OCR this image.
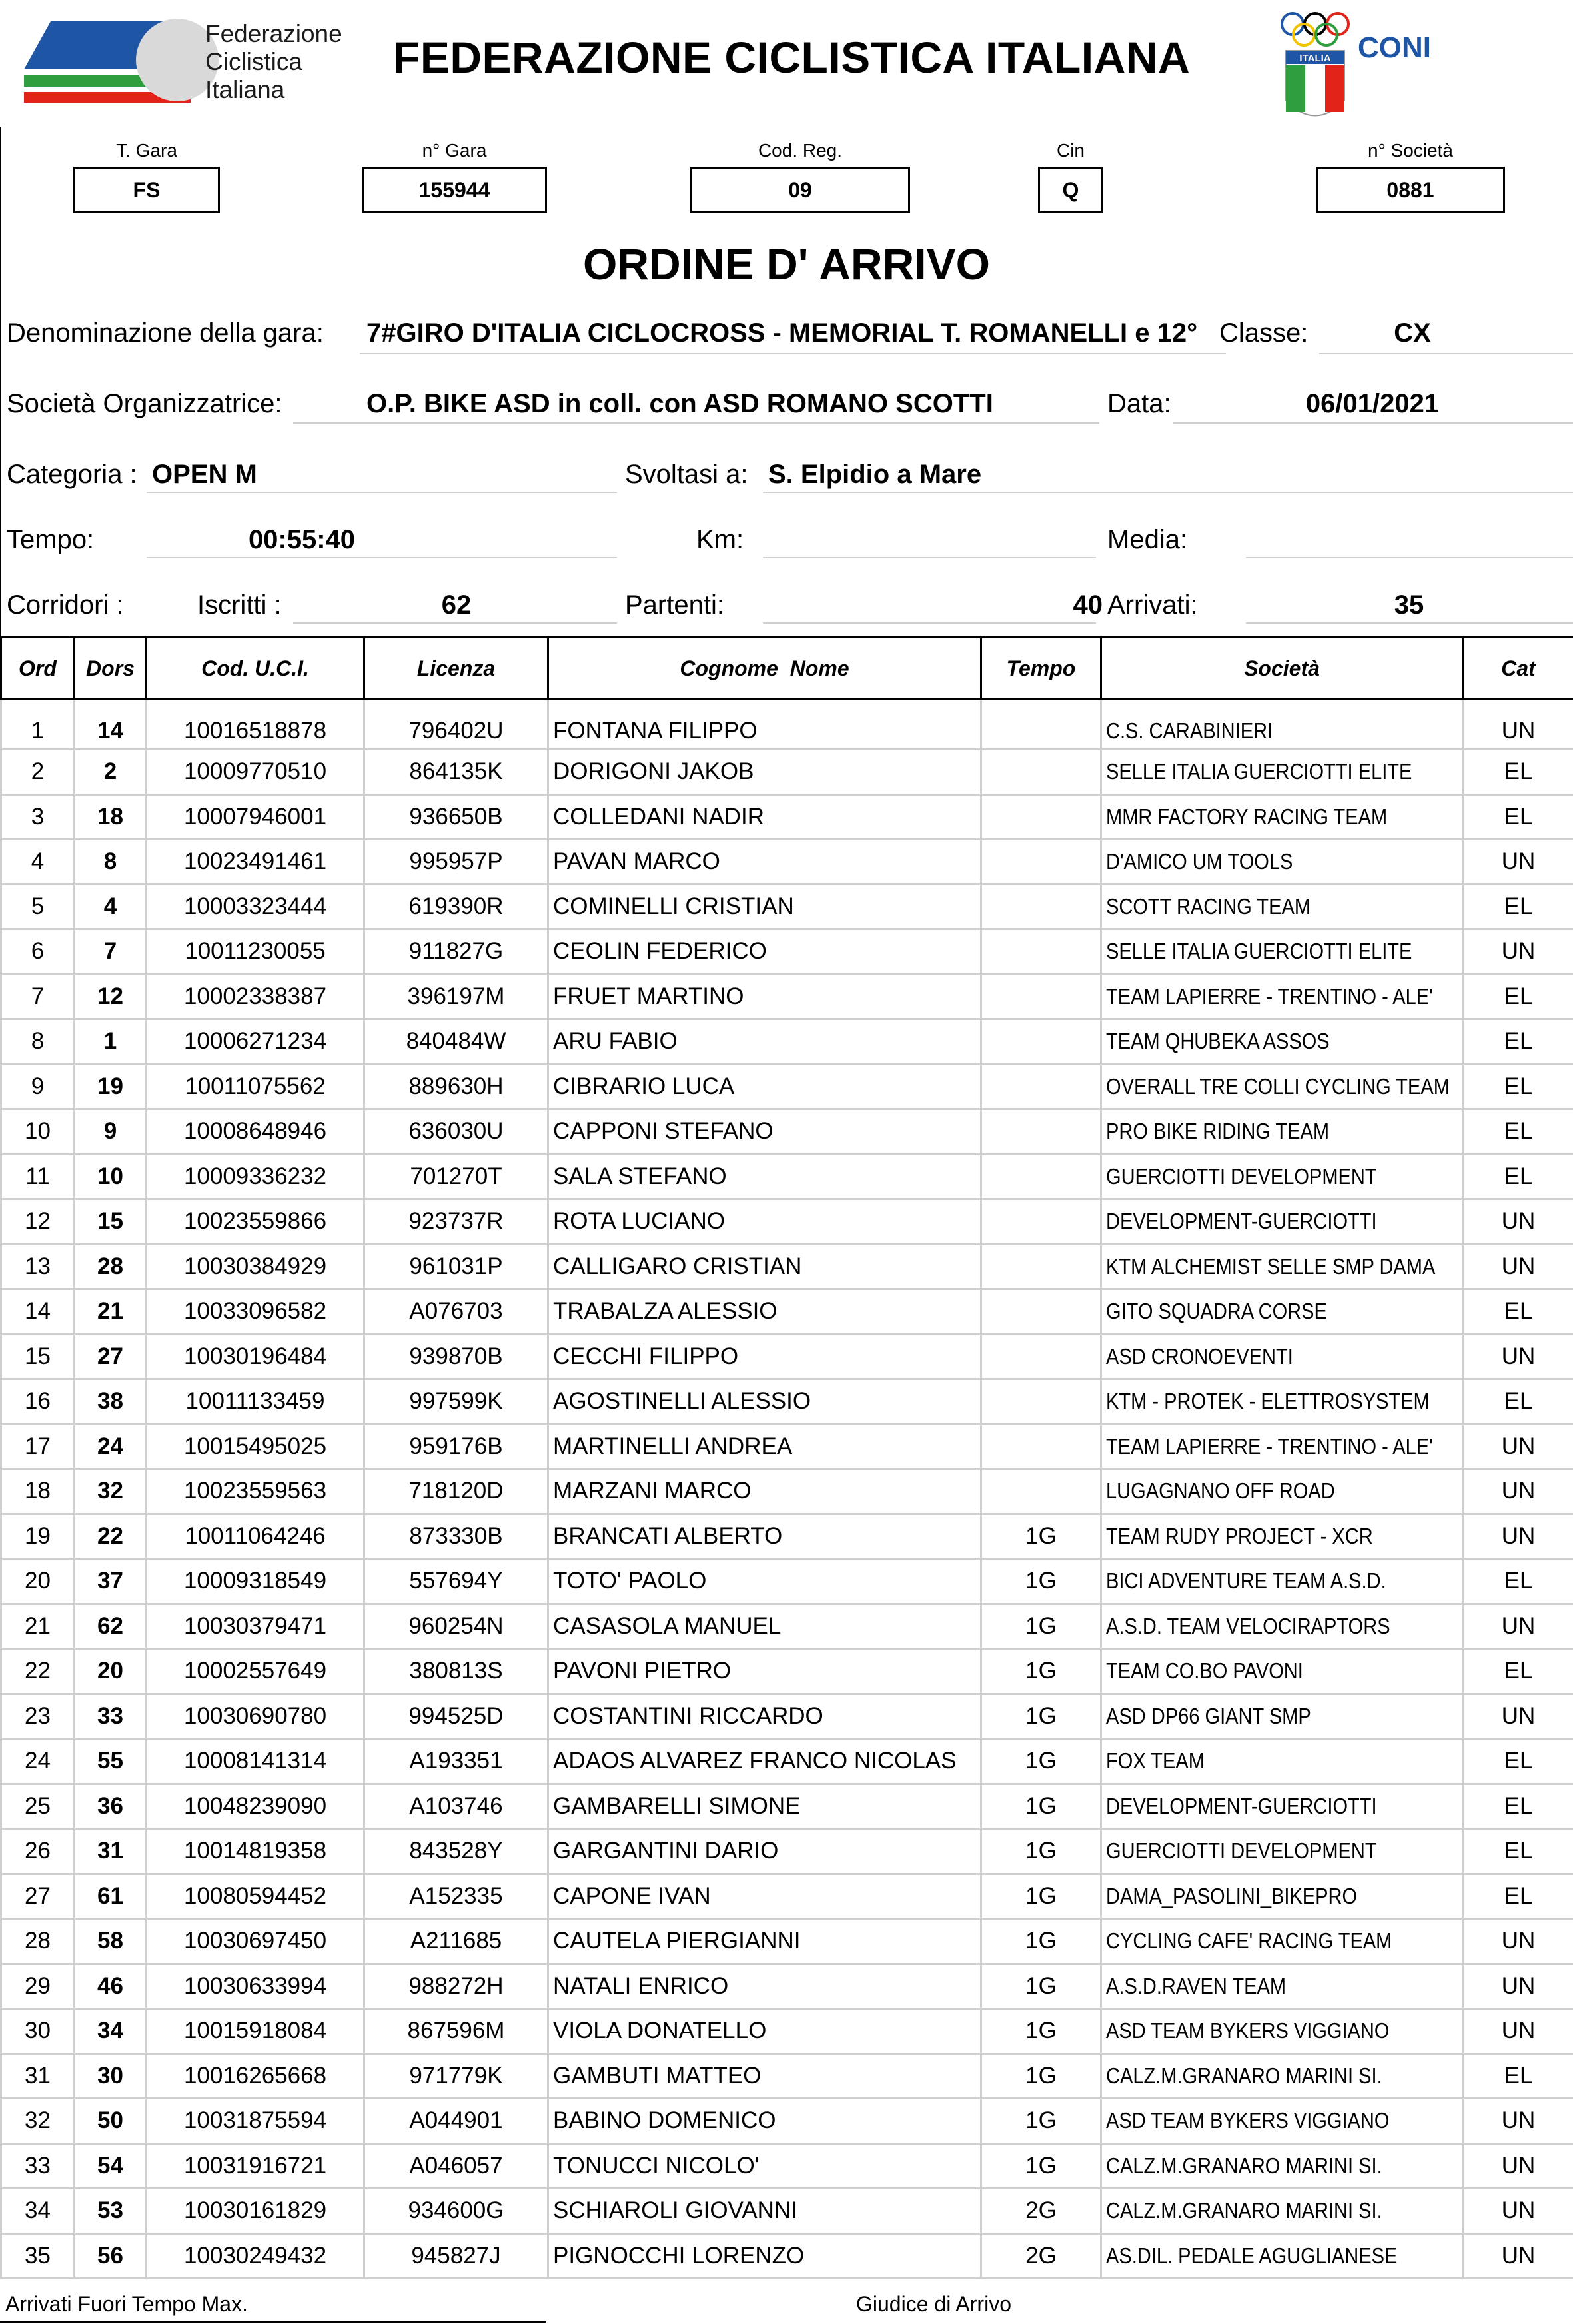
Federazione
Ciclistica
Italiana
FEDERAZIONE CICLISTICA ITALIANA	ITALIA CONI
T. Gara
FS
n° Gara
155944
Cod. Reg.
09
Cin
Q
n° Società
0881
ORDINE D' ARRIVO
Denominazione della gara: 7#GIRO D'ITALIA CICLOCROSS - MEMORIAL T. ROMANELLI e 12° Classe:	CX
Società Organizzatrice:	O.P. BIKE ASD in coll. con ASD ROMANO SCOTTI	Data:	06/01/2021
Categoria : OPEN M	Svoltasi a: S. Elpidio a Mare
Tempo:	00:55:40	Km:	Media:
Corridori :	Iscritti :	62	Partenti:	40 Arrivati:	35
Ord	Dors	Cod. U.C.I.	Licenza	Cognome  Nome	Tempo	Società	Cat
1	14	10016518878	796402U	FONTANA FILIPPO		C.S. CARABINIERI	UN
2	2	10009770510	864135K	DORIGONI JAKOB		SELLE ITALIA GUERCIOTTI ELITE	EL
3	18	10007946001	936650B	COLLEDANI NADIR		MMR FACTORY RACING TEAM	EL
4	8	10023491461	995957P	PAVAN MARCO		D'AMICO UM TOOLS	UN
5	4	10003323444	619390R	COMINELLI CRISTIAN		SCOTT RACING TEAM	EL
6	7	10011230055	911827G	CEOLIN FEDERICO		SELLE ITALIA GUERCIOTTI ELITE	UN
7	12	10002338387	396197M	FRUET MARTINO		TEAM LAPIERRE - TRENTINO - ALE'	EL
8	1	10006271234	840484W	ARU FABIO		TEAM QHUBEKA ASSOS	EL
9	19	10011075562	889630H	CIBRARIO LUCA		OVERALL TRE COLLI CYCLING TEAM	EL
10	9	10008648946	636030U	CAPPONI STEFANO		PRO BIKE RIDING TEAM	EL
11	10	10009336232	701270T	SALA STEFANO		GUERCIOTTI DEVELOPMENT	EL
12	15	10023559866	923737R	ROTA LUCIANO		DEVELOPMENT-GUERCIOTTI	UN
13	28	10030384929	961031P	CALLIGARO CRISTIAN		KTM ALCHEMIST SELLE SMP DAMA	UN
14	21	10033096582	A076703	TRABALZA ALESSIO		GITO SQUADRA CORSE	EL
15	27	10030196484	939870B	CECCHI FILIPPO		ASD CRONOEVENTI	UN
16	38	10011133459	997599K	AGOSTINELLI ALESSIO		KTM - PROTEK - ELETTROSYSTEM	EL
17	24	10015495025	959176B	MARTINELLI ANDREA		TEAM LAPIERRE - TRENTINO - ALE'	UN
18	32	10023559563	718120D	MARZANI MARCO		LUGAGNANO OFF ROAD	UN
19	22	10011064246	873330B	BRANCATI ALBERTO	1G	TEAM RUDY PROJECT - XCR	UN
20	37	10009318549	557694Y	TOTO' PAOLO	1G	BICI ADVENTURE TEAM A.S.D.	EL
21	62	10030379471	960254N	CASASOLA MANUEL	1G	A.S.D. TEAM VELOCIRAPTORS	UN
22	20	10002557649	380813S	PAVONI PIETRO	1G	TEAM CO.BO PAVONI	EL
23	33	10030690780	994525D	COSTANTINI RICCARDO	1G	ASD DP66 GIANT SMP	UN
24	55	10008141314	A193351	ADAOS ALVAREZ FRANCO NICOLAS	1G	FOX TEAM	EL
25	36	10048239090	A103746	GAMBARELLI SIMONE	1G	DEVELOPMENT-GUERCIOTTI	EL
26	31	10014819358	843528Y	GARGANTINI DARIO	1G	GUERCIOTTI DEVELOPMENT	EL
27	61	10080594452	A152335	CAPONE IVAN	1G	DAMA_PASOLINI_BIKEPRO	EL
28	58	10030697450	A211685	CAUTELA PIERGIANNI	1G	CYCLING CAFE' RACING TEAM	UN
29	46	10030633994	988272H	NATALI ENRICO	1G	A.S.D.RAVEN TEAM	UN
30	34	10015918084	867596M	VIOLA DONATELLO	1G	ASD TEAM BYKERS VIGGIANO	UN
31	30	10016265668	971779K	GAMBUTI MATTEO	1G	CALZ.M.GRANARO MARINI SI.	EL
32	50	10031875594	A044901	BABINO DOMENICO	1G	ASD TEAM BYKERS VIGGIANO	UN
33	54	10031916721	A046057	TONUCCI NICOLO'	1G	CALZ.M.GRANARO MARINI SI.	UN
34	53	10030161829	934600G	SCHIAROLI GIOVANNI	2G	CALZ.M.GRANARO MARINI SI.	UN
35	56	10030249432	945827J	PIGNOCCHI LORENZO	2G	AS.DIL. PEDALE AGUGLIANESE	UN
Arrivati Fuori Tempo Max.	Giudice di Arrivo
